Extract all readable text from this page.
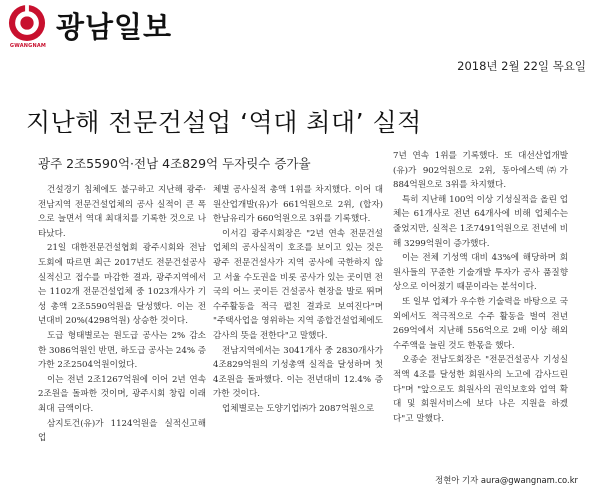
GWANGNAM
광남일보
2018년 2월 22일 목요일
지난해 전문건설업 ‘역대 최대’ 실적
광주 2조5590억·전남 4조829억 두자릿수 증가율

건설경기 침체에도 불구하고 지난해 광주·전남지역 전문건설업체의 공사 실적이 큰 폭으로 늘면서 역대 최대치를 기록한 것으로 나타났다.

21일 대한전문건설협회 광주시회와 전남도회에 따르면 최근 2017년도 전문건설공사 실적신고 접수를 마감한 결과, 광주지역에서는 1102개 전문건설업체 중 1023개사가 기성 총액 2조5590억원을 달성했다. 이는 전년대비 20%(4298억원) 상승한 것이다.

도급 형태별로는 원도급 공사는 2% 감소한 3086억원인 반면, 하도급 공사는 24% 증가한 2조2504억원이었다.

이는 전년 2조1267억원에 이어 2년 연속 2조원을 돌파한 것이며, 광주시회 창립 이래 최대 금액이다.

삼지토건(유)가 1124억원을 실적신고해 업

체별 공사실적 총액 1위를 차지했다. 이어 대원산업개발(유)가 661억원으로 2위, (합자)한남유리가 660억원으로 3위를 기록했다.

이서김 광주시회장은 "2년 연속 전문건설업체의 공사실적이 호조를 보이고 있는 것은 광주 전문건설사가 지역 공사에 국한하지 않고 서울 수도권을 비롯 공사가 있는 곳이면 전국의 어느 곳이든 건설공사 현장을 발로 뛰며 수주활동을 적극 펼친 결과로 보여진다"며 "주택사업을 영위하는 지역 종합건설업체에도 감사의 뜻을 전한다"고 말했다.

전남지역에서는 3041개사 중 2830개사가 4조829억원의 기성총액 실적을 달성하며 첫 4조원을 돌파했다. 이는 전년대비 12.4% 증가한 것이다.

업체별로는 도양기업㈜가 2087억원으로

7년 연속 1위를 기록했다. 또 대선산업개발(유)가 902억원으로 2위, 동아에스텍㈜가 884억원으로 3위를 차지했다.

특히 지난해 100억 이상 기성실적을 올린 업체는 61개사로 전년 64개사에 비해 업체수는 줄었지만, 실적은 1조7491억원으로 전년에 비해 3299억원이 증가했다.

이는 전체 기성액 대비 43%에 해당하며 회원사들의 꾸준한 기술개발 투자가 공사 품질향상으로 이어졌기 때문이라는 분석이다.

또 일부 업체가 우수한 기술력을 바탕으로 국외에서도 적극적으로 수주 활동을 벌여 전년 269억에서 지난해 556억으로 2배 이상 해외수주액을 늘린 것도 한몫을 했다.

오종순 전남도회장은 "전문건설공사 기성실적액 4조를 달성한 회원사의 노고에 감사드린다"며 "앞으로도 회원사의 권익보호와 업역 확대 및 회원서비스에 보다 나은 지원을 하겠다"고 말했다.

정현아 기자 aura@gwangnam.co.kr
